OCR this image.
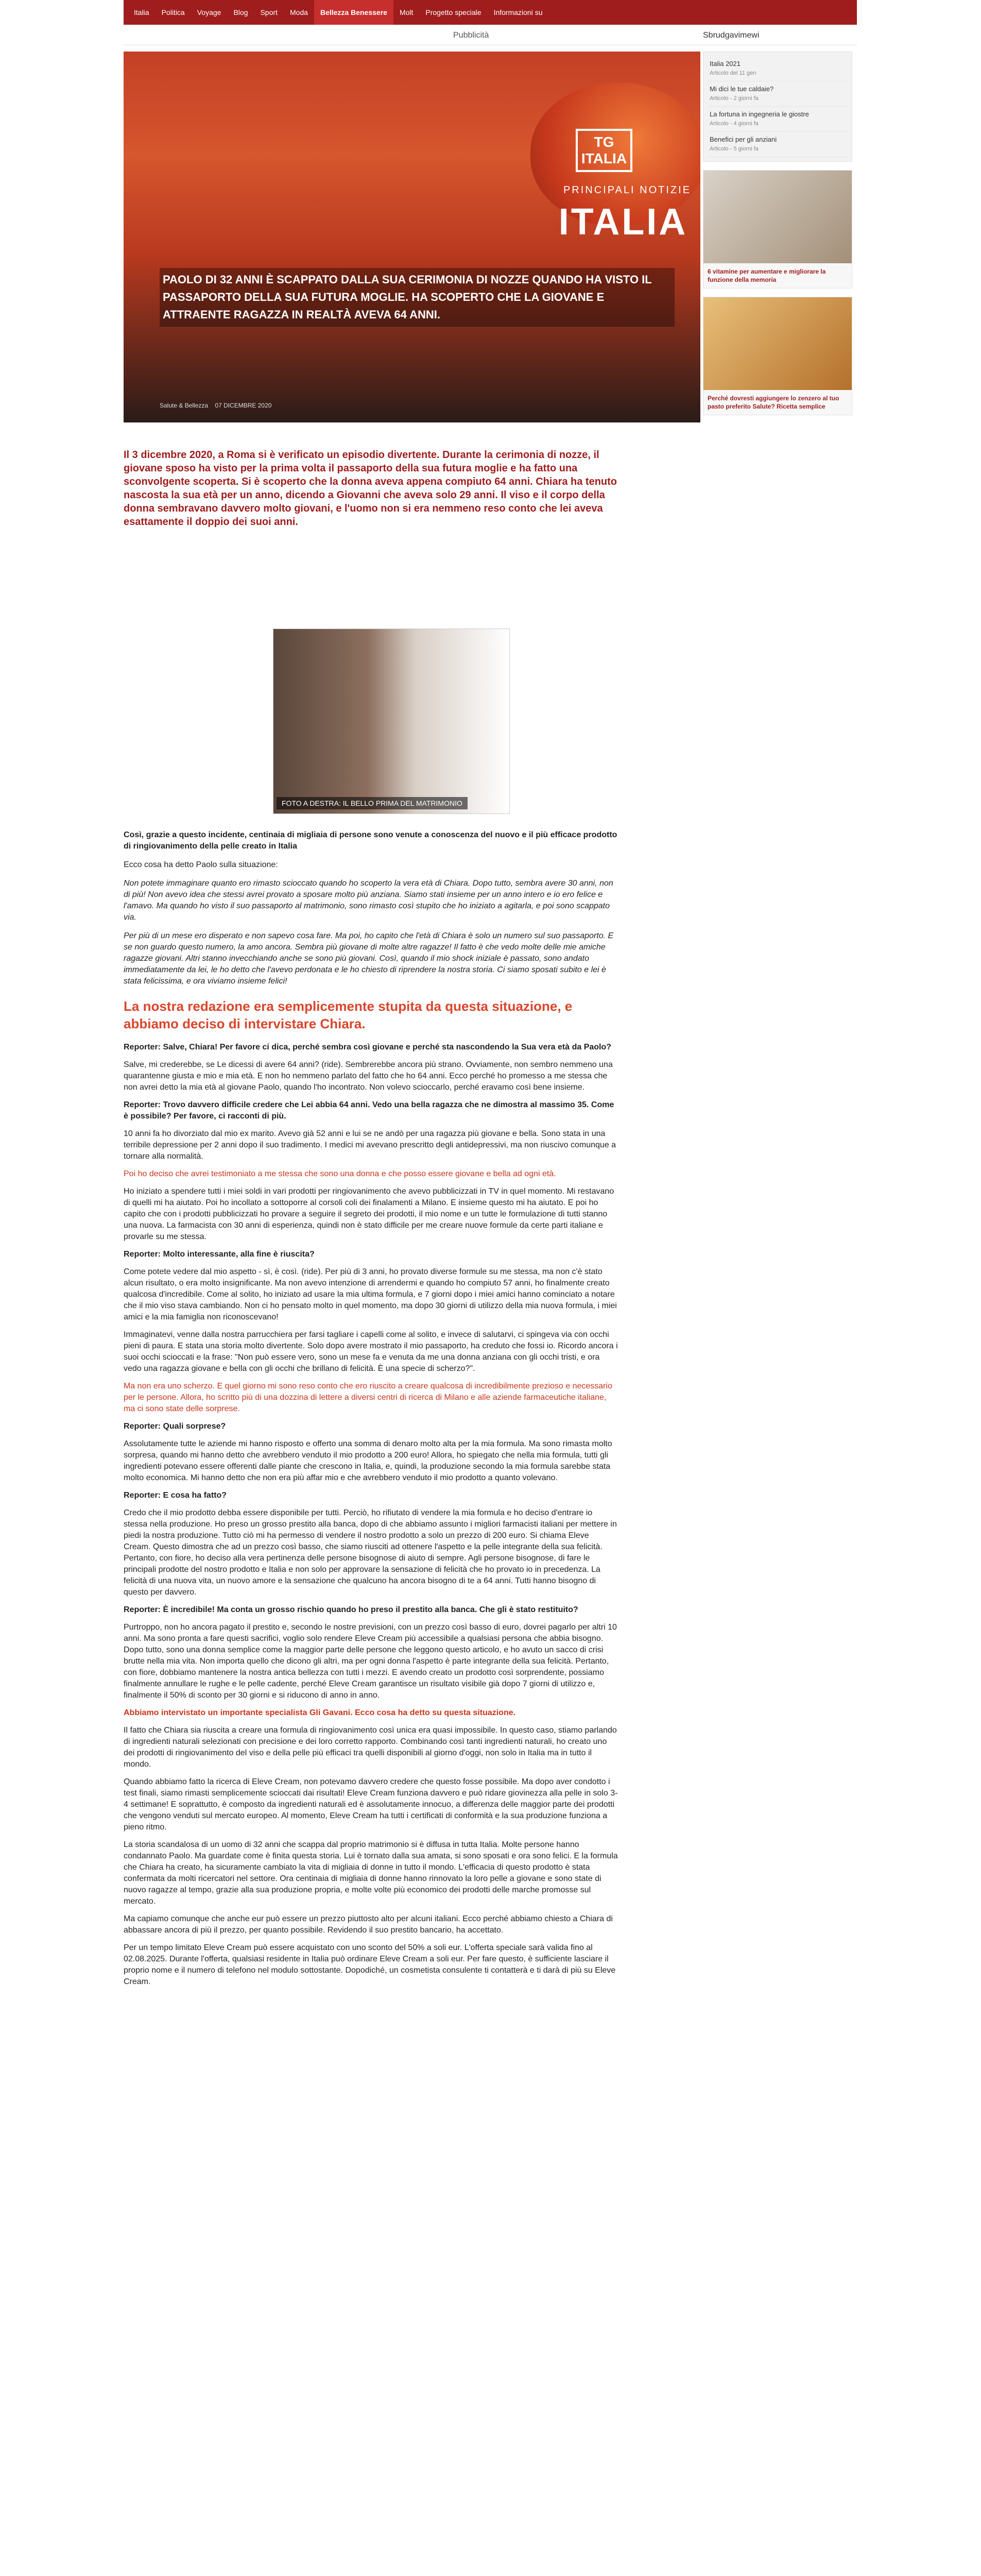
Italia	Politica	Voyage	Blog	Sport	Moda	Bellezza Benessere	Molt	Progetto speciale	Informazioni su
Pubblicità	Sbrudgavimewi
TG ITALIA
PRINCIPALI NOTIZIE
ITALIA
PAOLO DI 32 ANNI È SCAPPATO DALLA SUA CERIMONIA DI NOZZE QUANDO HA VISTO IL PASSAPORTO DELLA SUA FUTURA MOGLIE. HA SCOPERTO CHE LA GIOVANE E ATTRAENTE RAGAZZA IN REALTÀ AVEVA 64 ANNI.
Salute & Bellezza 07 DICEMBRE 2020
Il 3 dicembre 2020, a Roma si è verificato un episodio divertente. Durante la cerimonia di nozze, il giovane sposo ha visto per la prima volta il passaporto della sua futura moglie e ha fatto una sconvolgente scoperta. Si è scoperto che la donna aveva appena compiuto 64 anni. Chiara ha tenuto nascosta la sua età per un anno, dicendo a Giovanni che aveva solo 29 anni. Il viso e il corpo della donna sembravano davvero molto giovani, e l'uomo non si era nemmeno reso conto che lei aveva esattamente il doppio dei suoi anni.
FOTO A DESTRA: IL BELLO PRIMA DEL MATRIMONIO

Così, grazie a questo incidente, centinaia di migliaia di persone sono venute a conoscenza del nuovo e il più efficace prodotto di ringiovanimento della pelle creato in Italia

Ecco cosa ha detto Paolo sulla situazione:

Non potete immaginare quanto ero rimasto scioccato quando ho scoperto la vera età di Chiara. Dopo tutto, sembra avere 30 anni, non di più! Non avevo idea che stessi avrei provato a sposare molto più anziana. Siamo stati insieme per un anno intero e io ero felice e l'amavo. Ma quando ho visto il suo passaporto al matrimonio, sono rimasto così stupito che ho iniziato a agitarla, e poi sono scappato via.

Per più di un mese ero disperato e non sapevo cosa fare. Ma poi, ho capito che l'età di Chiara è solo un numero sul suo passaporto. E se non guardo questo numero, la amo ancora. Sembra più giovane di molte altre ragazze! Il fatto è che vedo molte delle mie amiche ragazze giovani. Altri stanno invecchiando anche se sono più giovani. Così, quando il mio shock iniziale è passato, sono andato immediatamente da lei, le ho detto che l'avevo perdonata e le ho chiesto di riprendere la nostra storia. Ci siamo sposati subito e lei è stata felicissima, e ora viviamo insieme felici!

La nostra redazione era semplicemente stupita da questa situazione, e abbiamo deciso di intervistare Chiara.

Reporter: Salve, Chiara! Per favore ci dica, perché sembra così giovane e perché sta nascondendo la Sua vera età da Paolo?

Salve, mi crederebbe, se Le dicessi di avere 64 anni? (ride). Sembrerebbe ancora più strano. Ovviamente, non sembro nemmeno una quarantenne giusta e mio e mia età. E non ho nemmeno parlato del fatto che ho 64 anni. Ecco perché ho promesso a me stessa che non avrei detto la mia età al giovane Paolo, quando l'ho incontrato. Non volevo scioccarlo, perché eravamo così bene insieme.

Reporter: Trovo davvero difficile credere che Lei abbia 64 anni. Vedo una bella ragazza che ne dimostra al massimo 35. Come è possibile? Per favore, ci racconti di più.

10 anni fa ho divorziato dal mio ex marito. Avevo già 52 anni e lui se ne andò per una ragazza più giovane e bella. Sono stata in una terribile depressione per 2 anni dopo il suo tradimento. I medici mi avevano prescritto degli antidepressivi, ma non riuscivo comunque a tornare alla normalità.

Poi ho deciso che avrei testimoniato a me stessa che sono una donna e che posso essere giovane e bella ad ogni età.

Ho iniziato a spendere tutti i miei soldi in vari prodotti per ringiovanimento che avevo pubblicizzati in TV in quel momento. Mi restavano di quelli mi ha aiutato. Poi ho incollato a sottoporre al corsoli coli dei finalamenti a Milano. E insieme questo mi ha aiutato. E poi ho capito che con i prodotti pubblicizzati ho provare a seguire il segreto dei prodotti, il mio nome e un tutte le formulazione di tutti stanno una nuova. La farmacista con 30 anni di esperienza, quindi non è stato difficile per me creare nuove formule da certe parti italiane e provarle su me stessa.

Reporter: Molto interessante, alla fine è riuscita?

Come potete vedere dal mio aspetto - sì, è così. (ride). Per più di 3 anni, ho provato diverse formule su me stessa, ma non c'è stato alcun risultato, o era molto insignificante. Ma non avevo intenzione di arrendermi e quando ho compiuto 57 anni, ho finalmente creato qualcosa d'incredibile. Come al solito, ho iniziato ad usare la mia ultima formula, e 7 giorni dopo i miei amici hanno cominciato a notare che il mio viso stava cambiando. Non ci ho pensato molto in quel momento, ma dopo 30 giorni di utilizzo della mia nuova formula, i miei amici e la mia famiglia non riconoscevano!

Immaginatevi, venne dalla nostra parrucchiera per farsi tagliare i capelli come al solito, e invece di salutarvi, ci spingeva via con occhi pieni di paura. E stata una storia molto divertente. Solo dopo avere mostrato il mio passaporto, ha creduto che fossi io. Ricordo ancora i suoi occhi scioccati e la frase: "Non può essere vero, sono un mese fa e venuta da me una donna anziana con gli occhi tristi, e ora vedo una ragazza giovane e bella con gli occhi che brillano di felicità. È una specie di scherzo?".

Ma non era uno scherzo. E quel giorno mi sono reso conto che ero riuscito a creare qualcosa di incredibilmente prezioso e necessario per le persone. Allora, ho scritto più di una dozzina di lettere a diversi centri di ricerca di Milano e alle aziende farmaceutiche italiane, ma ci sono state delle sorprese.

Reporter: Quali sorprese?

Assolutamente tutte le aziende mi hanno risposto e offerto una somma di denaro molto alta per la mia formula. Ma sono rimasta molto sorpresa, quando mi hanno detto che avrebbero venduto il mio prodotto a 200 euro! Allora, ho spiegato che nella mia formula, tutti gli ingredienti potevano essere offerenti dalle piante che crescono in Italia, e, quindi, la produzione secondo la mia formula sarebbe stata molto economica. Mi hanno detto che non era più affar mio e che avrebbero venduto il mio prodotto a quanto volevano.

Reporter: E cosa ha fatto?

Credo che il mio prodotto debba essere disponibile per tutti. Perciò, ho rifiutato di vendere la mia formula e ho deciso d'entrare io stessa nella produzione. Ho preso un grosso prestito alla banca, dopo di che abbiamo assunto i migliori farmacisti italiani per mettere in piedi la nostra produzione. Tutto ciò mi ha permesso di vendere il nostro prodotto a solo un prezzo di 200 euro. Si chiama Eleve Cream. Questo dimostra che ad un prezzo così basso, che siamo riusciti ad ottenere l'aspetto e la pelle integrante della sua felicità. Pertanto, con fiore, ho deciso alla vera pertinenza delle persone bisognose di aiuto di sempre. Agli persone bisognose, di fare le principali prodotte del nostro prodotto e Italia e non solo per approvare la sensazione di felicità che ho provato io in precedenza. La felicità di una nuova vita, un nuovo amore e la sensazione che qualcuno ha ancora bisogno di te a 64 anni. Tutti hanno bisogno di questo per davvero.

Reporter: È incredibile! Ma conta un grosso rischio quando ho preso il prestito alla banca. Che gli è stato restituito?

Purtroppo, non ho ancora pagato il prestito e, secondo le nostre previsioni, con un prezzo così basso di euro, dovrei pagarlo per altri 10 anni. Ma sono pronta a fare questi sacrifici, voglio solo rendere Eleve Cream più accessibile a qualsiasi persona che abbia bisogno. Dopo tutto, sono una donna semplice come la maggior parte delle persone che leggono questo articolo, e ho avuto un sacco di crisi brutte nella mia vita. Non importa quello che dicono gli altri, ma per ogni donna l'aspetto è parte integrante della sua felicità. Pertanto, con fiore, dobbiamo mantenere la nostra antica bellezza con tutti i mezzi. E avendo creato un prodotto così sorprendente, possiamo finalmente annullare le rughe e le pelle cadente, perché Eleve Cream garantisce un risultato visibile già dopo 7 giorni di utilizzo e, finalmente il 50% di sconto per 30 giorni e si riducono di anno in anno.

Abbiamo intervistato un importante specialista Gli Gavani. Ecco cosa ha detto su questa situazione.

Il fatto che Chiara sia riuscita a creare una formula di ringiovanimento così unica era quasi impossibile. In questo caso, stiamo parlando di ingredienti naturali selezionati con precisione e dei loro corretto rapporto. Combinando così tanti ingredienti naturali, ho creato uno dei prodotti di ringiovanimento del viso e della pelle più efficaci tra quelli disponibili al giorno d'oggi, non solo in Italia ma in tutto il mondo.

Quando abbiamo fatto la ricerca di Eleve Cream, non potevamo davvero credere che questo fosse possibile. Ma dopo aver condotto i test finali, siamo rimasti semplicemente scioccati dai risultati! Eleve Cream funziona davvero e può ridare giovinezza alla pelle in solo 3-4 settimane! E soprattutto, è composto da ingredienti naturali ed è assolutamente innocuo, a differenza delle maggior parte dei prodotti che vengono venduti sul mercato europeo. Al momento, Eleve Cream ha tutti i certificati di conformità e la sua produzione funziona a pieno ritmo.

La storia scandalosa di un uomo di 32 anni che scappa dal proprio matrimonio si è diffusa in tutta Italia. Molte persone hanno condannato Paolo. Ma guardate come è finita questa storia. Lui è tornato dalla sua amata, si sono sposati e ora sono felici. E la formula che Chiara ha creato, ha sicuramente cambiato la vita di migliaia di donne in tutto il mondo. L'efficacia di questo prodotto è stata confermata da molti ricercatori nel settore. Ora centinaia di migliaia di donne hanno rinnovato la loro pelle a giovane e sono state di nuovo ragazze al tempo, grazie alla sua produzione propria, e molte volte più economico dei prodotti delle marche promosse sul mercato.

Ma capiamo comunque che anche eur può essere un prezzo piuttosto alto per alcuni italiani. Ecco perché abbiamo chiesto a Chiara di abbassare ancora di più il prezzo, per quanto possibile. Revidendo il suo prestito bancario, ha accettato.

Per un tempo limitato Eleve Cream può essere acquistato con uno sconto del 50% a soli eur. L'offerta speciale sarà valida fino al 02.08.2025. Durante l'offerta, qualsiasi residente in Italia può ordinare Eleve Cream a soli eur. Per fare questo, è sufficiente lasciare il proprio nome e il numero di telefono nel modulo sottostante. Dopodiché, un cosmetista consulente ti contatterà e ti darà di più su Eleve Cream.

Italia 2021
Articolo del 11 gen
Mi dici le tue caldaie?
Articolo - 2 giorni fa
La fortuna in ingegneria le giostre
Articolo - 4 giorni fa
Benefici per gli anziani
Articolo - 5 giorni fa

6 vitamine per aumentare e migliorare la funzione della memoria

Perché dovresti aggiungere lo zenzero al tuo pasto preferito Salute? Ricetta semplice
